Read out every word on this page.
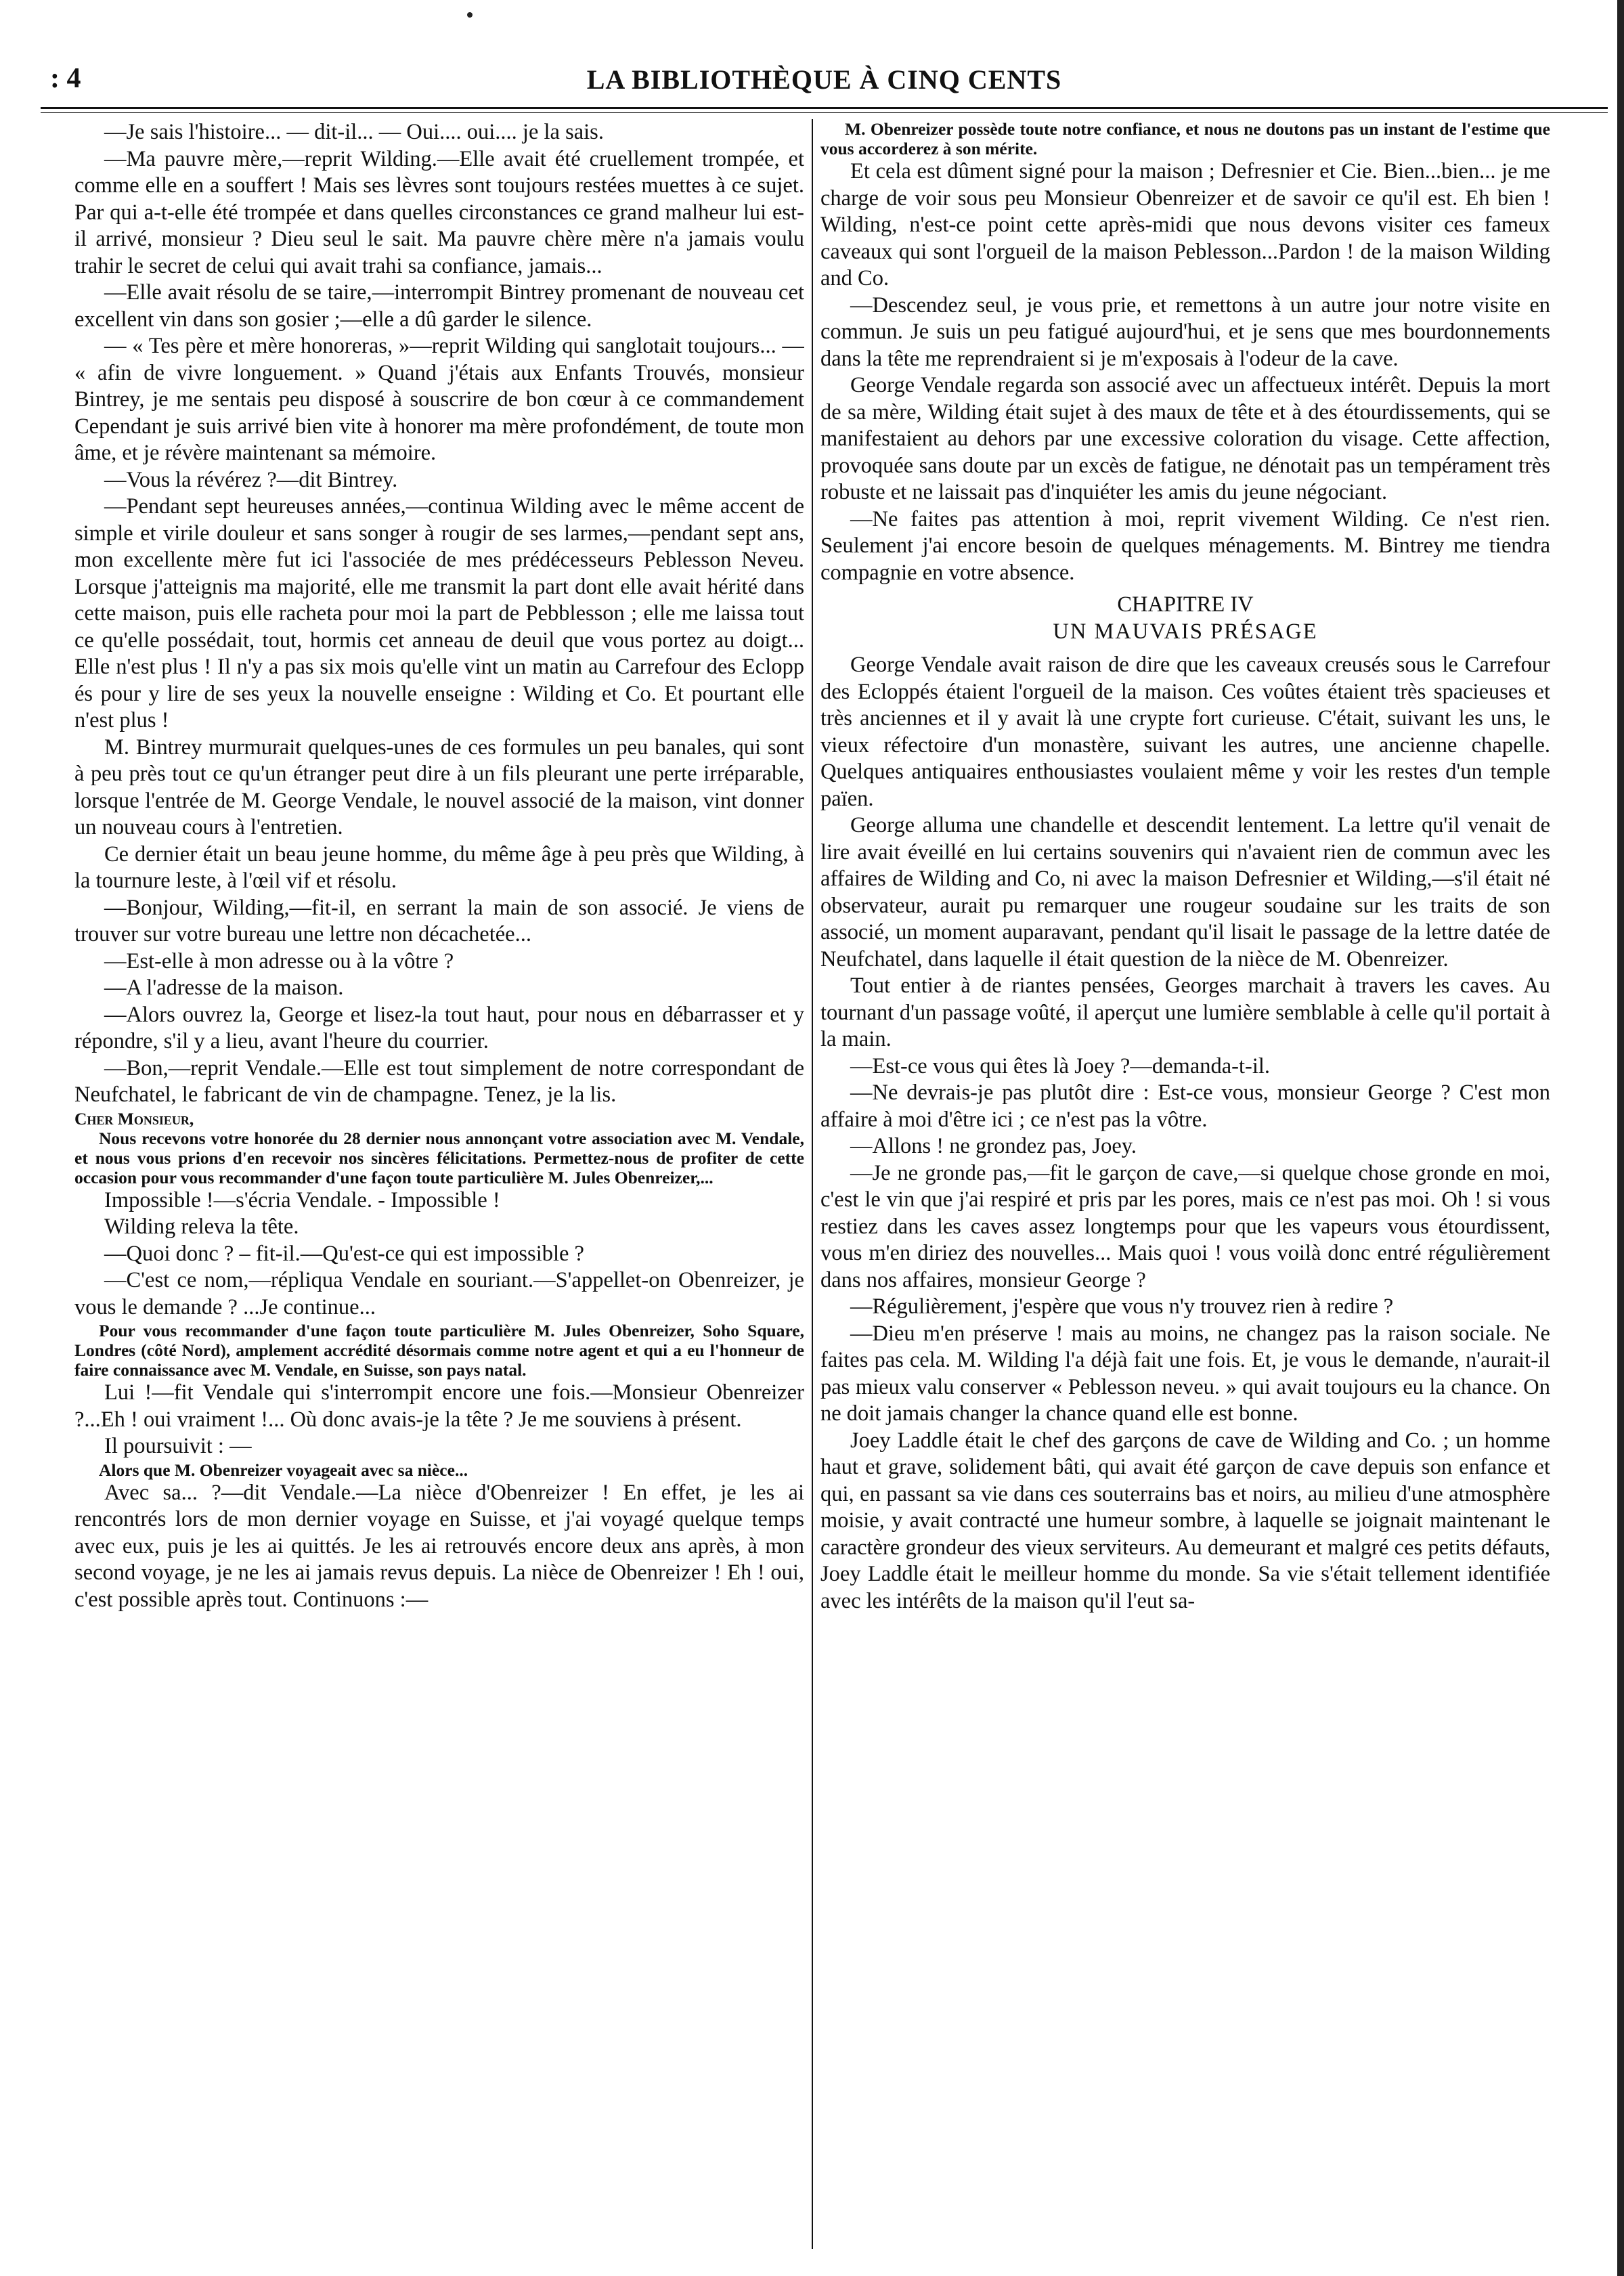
: 4	LA BIBLIOTHÈQUE À CINQ CENTS

—Je sais l'histoire... — dit-il... — Oui.... oui.... je la sais.

—Ma pauvre mère,—reprit Wilding.—Elle avait été cruellement trompée, et comme elle en a souffert ! Mais ses lèvres sont toujours restées muettes à ce sujet. Par qui a-t-elle été trompée et dans quelles circonstances ce grand malheur lui est-il arrivé, monsieur ? Dieu seul le sait. Ma pauvre chère mère n'a jamais voulu trahir le secret de celui qui avait trahi sa confiance, jamais...

—Elle avait résolu de se taire,—interrompit Bintrey promenant de nouveau cet excellent vin dans son gosier ;—elle a dû garder le silence.

— « Tes père et mère honoreras, »—reprit Wilding qui sanglotait toujours... — « afin de vivre longuement. » Quand j'étais aux Enfants Trouvés, monsieur Bintrey, je me sentais peu disposé à souscrire de bon cœur à ce commandement Cependant je suis arrivé bien vite à honorer ma mère profondément, de toute mon âme, et je révère maintenant sa mémoire.

—Vous la révérez ?—dit Bintrey.

—Pendant sept heureuses années,—continua Wilding avec le même accent de simple et virile douleur et sans songer à rougir de ses larmes,—pendant sept ans, mon excellente mère fut ici l'associée de mes prédécesseurs Peblesson Neveu. Lorsque j'atteignis ma majorité, elle me transmit la part dont elle avait hérité dans cette maison, puis elle racheta pour moi la part de Pebblesson ; elle me laissa tout ce qu'elle possédait, tout, hormis cet anneau de deuil que vous portez au doigt... Elle n'est plus ! Il n'y a pas six mois qu'elle vint un matin au Carrefour des Eclopp​és pour y lire de ses yeux la nouvelle enseigne : Wilding et Co. Et pourtant elle n'est plus !

M. Bintrey murmurait quelques-unes de ces formules un peu banales, qui sont à peu près tout ce qu'un étranger peut dire à un fils pleurant une perte irréparable, lorsque l'entrée de M. George Vendale, le nouvel associé de la maison, vint donner un nouveau cours à l'entretien.

Ce dernier était un beau jeune homme, du même âge à peu près que Wilding, à la tournure leste, à l'œil vif et résolu.

—Bonjour, Wilding,—fit-il, en serrant la main de son associé. Je viens de trouver sur votre bureau une lettre non décachetée...

—Est-elle à mon adresse ou à la vôtre ?

—A l'adresse de la maison.

—Alors ouvrez la, George et lisez-la tout haut, pour nous en débarrasser et y répondre, s'il y a lieu, avant l'heure du courrier.

—Bon,—reprit Vendale.—Elle est tout simplement de notre correspondant de Neufchatel, le fabricant de vin de champagne. Tenez, je la lis.

Cher Monsieur,

Nous recevons votre honorée du 28 dernier nous annonçant votre association avec M. Vendale, et nous vous prions d'en recevoir nos sincères félicitations. Permettez-nous de profiter de cette occasion pour vous recommander d'une façon toute particulière M. Jules Obenreizer,...

Impossible !—s'écria Vendale. - Impossible !

Wilding releva la tête.

—Quoi donc ? – fit-il.—Qu'est-ce qui est impossible ?

—C'est ce nom,—répliqua Vendale en souriant.—S'appellet-on Obenreizer, je vous le demande ? ...Je continue...

Pour vous recommander d'une façon toute particulière M. Jules Obenreizer, Soho Square, Londres (côté Nord), amplement accrédité désormais comme notre agent et qui a eu l'honneur de faire connaissance avec M. Vendale, en Suisse, son pays natal.

Lui !—fit Vendale qui s'interrompit encore une fois.—Monsieur Obenreizer ?...Eh ! oui vraiment !... Où donc avais-je la tête ? Je me souviens à présent.

Il poursuivit : —

Alors que M. Obenreizer voyageait avec sa nièce...

Avec sa... ?—dit Vendale.—La nièce d'Obenreizer ! En effet, je les ai rencontrés lors de mon dernier voyage en Suisse, et j'ai voyagé quelque temps avec eux, puis je les ai quittés. Je les ai retrouvés encore deux ans après, à mon second voyage, je ne les ai jamais revus depuis. La nièce de Obenreizer ! Eh ! oui, c'est possible après tout. Continuons :—

M. Obenreizer possède toute notre confiance, et nous ne doutons pas un instant de l'estime que vous accorderez à son mérite.

Et cela est dûment signé pour la maison ; Defresnier et Cie. Bien...bien... je me charge de voir sous peu Monsieur Obenreizer et de savoir ce qu'il est. Eh bien ! Wilding, n'est-ce point cette après-midi que nous devons visiter ces fameux caveaux qui sont l'orgueil de la maison Peblesson...Pardon ! de la maison Wilding and Co.

—Descendez seul, je vous prie, et remettons à un autre jour notre visite en commun. Je suis un peu fatigué aujourd'hui, et je sens que mes bourdonnements dans la tête me reprendraient si je m'exposais à l'odeur de la cave.

George Vendale regarda son associé avec un affectueux intérêt. Depuis la mort de sa mère, Wilding était sujet à des maux de tête et à des étourdissements, qui se manifestaient au dehors par une excessive coloration du visage. Cette affection, provoquée sans doute par un excès de fatigue, ne dénotait pas un tempérament très robuste et ne laissait pas d'inquiéter les amis du jeune négociant.

—Ne faites pas attention à moi, reprit vivement Wilding. Ce n'est rien. Seulement j'ai encore besoin de quelques ménagements. M. Bintrey me tiendra compagnie en votre absence.

CHAPITRE IV

UN MAUVAIS PRÉSAGE

George Vendale avait raison de dire que les caveaux creusés sous le Carrefour des Eclopp​és étaient l'orgueil de la maison. Ces voûtes étaient très spacieuses et très anciennes et il y avait là une crypte fort curieuse. C'était, suivant les uns, le vieux réfectoire d'un monastère, suivant les autres, une ancienne chapelle. Quelques antiquaires enthousiastes voulaient même y voir les restes d'un temple païen.

George alluma une chandelle et descendit lentement. La lettre qu'il venait de lire avait éveillé en lui certains souvenirs qui n'avaient rien de commun avec les affaires de Wilding and Co, ni avec la maison Defresnier et Wilding,—s'il était né observateur, aurait pu remarquer une rougeur soudaine sur les traits de son associé, un moment auparavant, pendant qu'il lisait le passage de la lettre datée de Neufchatel, dans laquelle il était question de la nièce de M. Obenreizer.

Tout entier à de riantes pensées, Georges marchait à travers les caves. Au tournant d'un passage voûté, il aperçut une lumière semblable à celle qu'il portait à la main.

—Est-ce vous qui êtes là Joey ?—demanda-t-il.

—Ne devrais-je pas plutôt dire : Est-ce vous, monsieur George ? C'est mon affaire à moi d'être ici ; ce n'est pas la vôtre.

—Allons ! ne grondez pas, Joey.

—Je ne gronde pas,—fit le garçon de cave,—si quelque chose gronde en moi, c'est le vin que j'ai respiré et pris par les pores, mais ce n'est pas moi. Oh ! si vous restiez dans les caves assez longtemps pour que les vapeurs vous étourdissent, vous m'en diriez des nouvelles... Mais quoi ! vous voilà donc entré régulièrement dans nos affaires, monsieur George ?

—Régulièrement, j'espère que vous n'y trouvez rien à redire ?

—Dieu m'en préserve ! mais au moins, ne changez pas la raison sociale. Ne faites pas cela. M. Wilding l'a déjà fait une fois. Et, je vous le demande, n'aurait-il pas mieux valu conserver « Peblesson neveu. » qui avait toujours eu la chance. On ne doit jamais changer la chance quand elle est bonne.

Joey Laddle était le chef des garçons de cave de Wilding and Co. ; un homme haut et grave, solidement bâti, qui avait été garçon de cave depuis son enfance et qui, en passant sa vie dans ces souterrains bas et noirs, au milieu d'une atmosphère moisie, y avait contracté une humeur sombre, à laquelle se joignait maintenant le caractère grondeur des vieux serviteurs. Au demeurant et malgré ces petits défauts, Joey Laddle était le meilleur homme du monde. Sa vie s'était tellement identifiée avec les intérêts de la maison qu'il l'eut sa-
